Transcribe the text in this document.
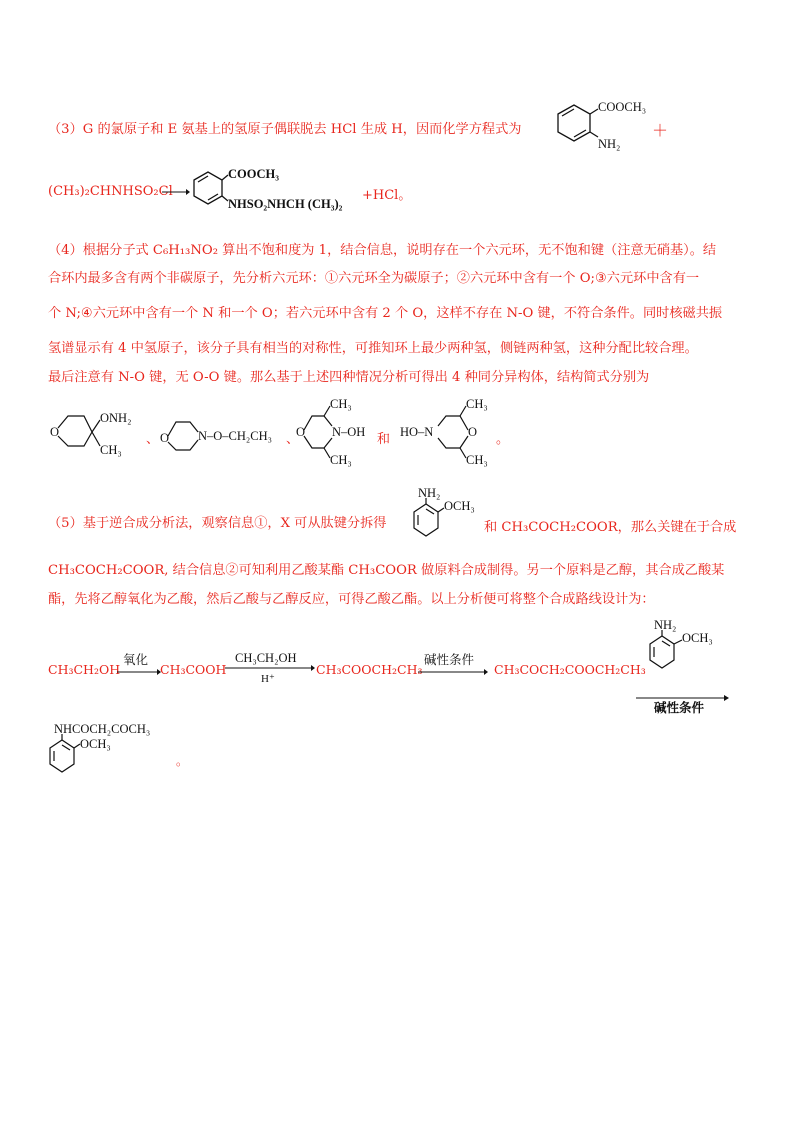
（3）G 的氯原子和 E 氨基上的氢原子偶联脱去 HCl 生成 H，因而化学方程式为
COOCH₃
NH₂
＋
(CH₃)₂CHNHSO₂Cl
COOCH₃
NHSO₂NHCH (CH₃)₂
+HCl。
（4）根据分子式 C₆H₁₃NO₂ 算出不饱和度为 1，结合信息，说明存在一个六元环，无不饱和键（注意无硝基）。结
合环内最多含有两个非碳原子，先分析六元环：①六元环全为碳原子；②六元环中含有一个 O;③六元环中含有一
个 N;④六元环中含有一个 N 和一个 O；若六元环中含有 2 个 O，这样不存在 N-O 键，不符合条件。同时核磁共振
氢谱显示有 4 中氢原子，该分子具有相当的对称性，可推知环上最少两种氢，侧链两种氢，这种分配比较合理。
最后注意有 N-O 键，无 O-O 键。那么基于上述四种情况分析可得出 4 种同分异构体，结构简式分别为
O
ONH₂
CH₃
、 O N–O–CH₂CH₃ 、
O
CH₃
N–OH
CH₃
和 HO–N	O
CH₃
CH₃
。
（5）基于逆合成分析法，观察信息①，X 可从肽键分拆得
NH₂
OCH₃
和 CH₃COCH₂COOR，那么关键在于合成
CH₃COCH₂COOR, 结合信息②可知利用乙酸某酯 CH₃COOR 做原料合成制得。另一个原料是乙醇，其合成乙酸某
酯，先将乙醇氧化为乙酸，然后乙酸与乙醇反应，可得乙酸乙酯。以上分析便可将整个合成路线设计为：
CH₃CH₂OH
氧化
CH₃COOH
CH₃CH₂OH
H⁺
CH₃COOCH₂CH₃
碱性条件
CH₃COCH₂COOCH₂CH₃
NH₂
OCH₃
碱性条件
NHCOCH₂COCH₃
OCH₃
。
